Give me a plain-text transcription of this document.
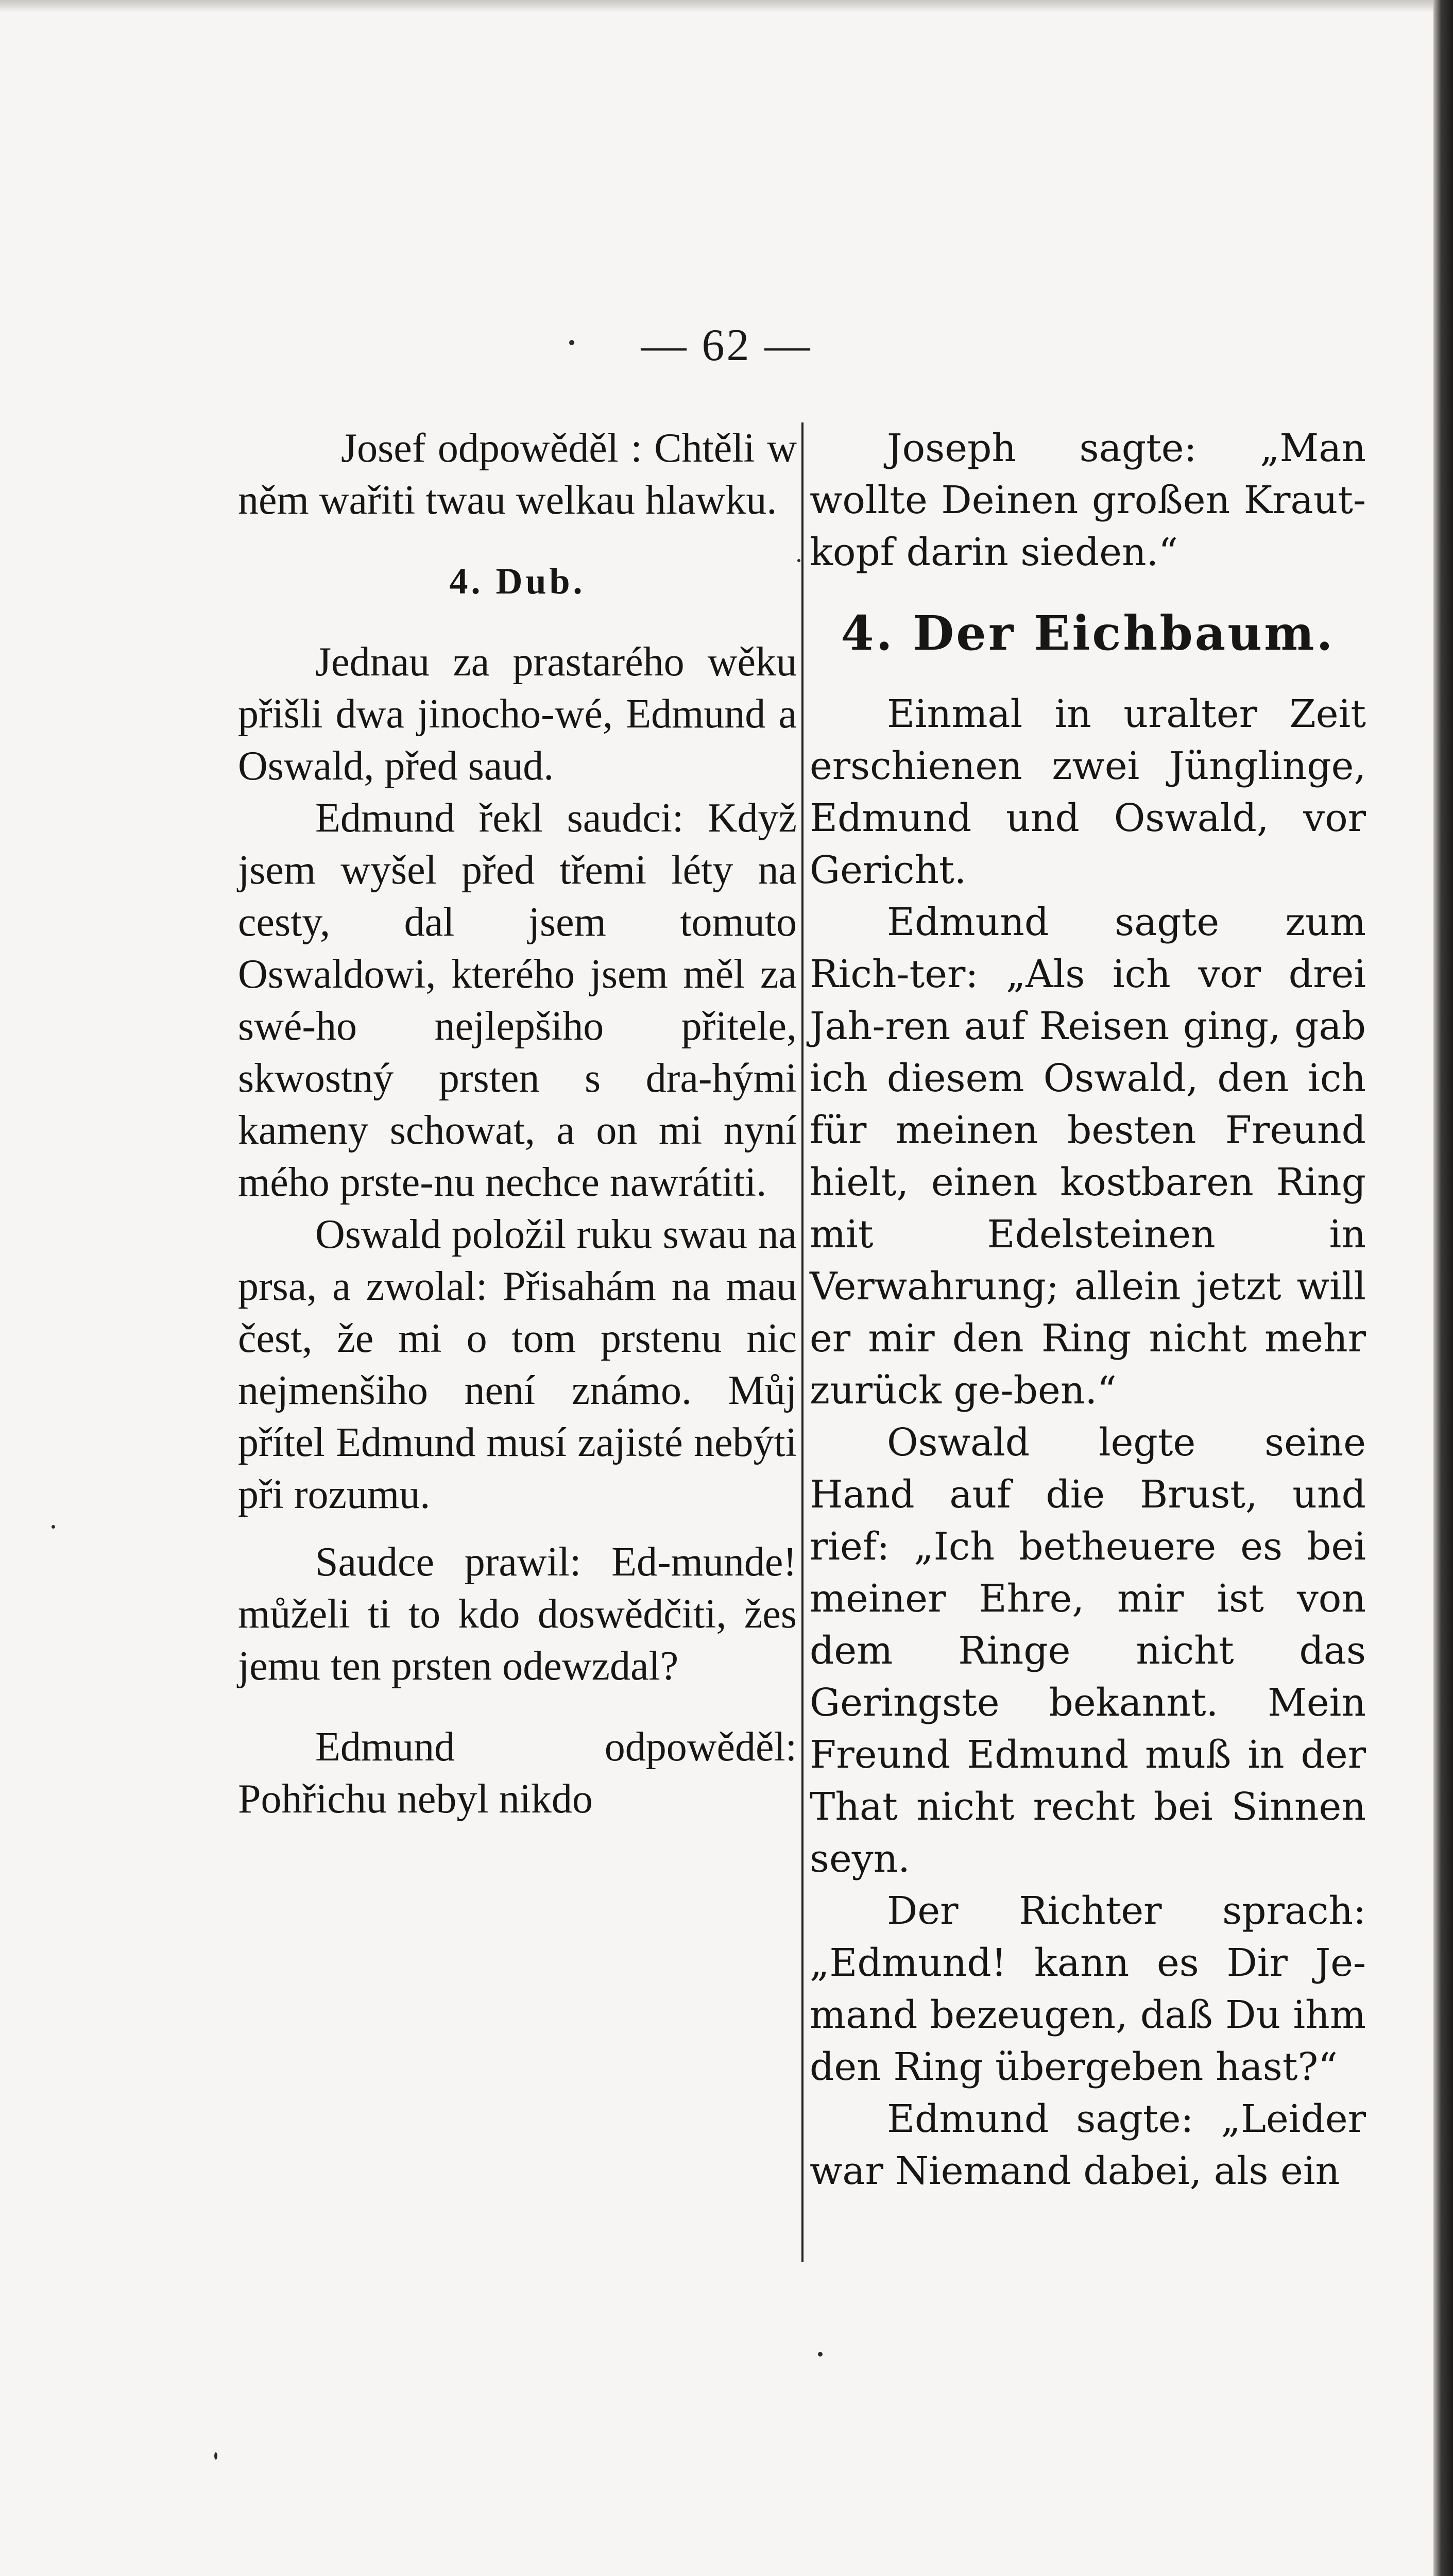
— 62 —

Josef odpowěděl : Chtěli w něm wařiti twau welkau hlawku.

4. Dub.

Jednau za prastarého wěku přišli dwa jinocho-wé, Edmund a Oswald, před saud.

Edmund řekl saudci: Když jsem wyšel před třemi léty na cesty, dal jsem tomuto Oswaldowi, kterého jsem měl za swé-ho nejlepšiho přitele, skwostný prsten s dra-hými kameny schowat, a on mi nyní mého prste-nu nechce nawrátiti.

Oswald položil ruku swau na prsa, a zwolal: Přisahám na mau čest, že mi o tom prstenu nic nejmenšiho není známo. Můj přítel Edmund musí zajisté nebýti při rozumu.

Saudce prawil: Ed-munde! můželi ti to kdo doswědčiti, žes jemu ten prsten odewzdal?

Edmund odpowěděl: Pohřichu nebyl nikdo

Joseph sagte: „Man wollte Deinen großen Kraut-kopf darin sieden.“

4. Der Eichbaum.

Einmal in uralter Zeit erschienen zwei Jünglinge, Edmund und Oswald, vor Gericht.

Edmund sagte zum Rich-ter: „Als ich vor drei Jah-ren auf Reisen ging, gab ich diesem Oswald, den ich für meinen besten Freund hielt, einen kostbaren Ring mit Edelsteinen in Verwahrung; allein jetzt will er mir den Ring nicht mehr zurück ge-ben.“

Oswald legte seine Hand auf die Brust, und rief: „Ich betheuere es bei meiner Ehre, mir ist von dem Ringe nicht das Geringste bekannt. Mein Freund Edmund muß in der That nicht recht bei Sinnen seyn.

Der Richter sprach: „Edmund! kann es Dir Je-mand bezeugen, daß Du ihm den Ring übergeben hast?“

Edmund sagte: „Leider war Niemand dabei, als ein
